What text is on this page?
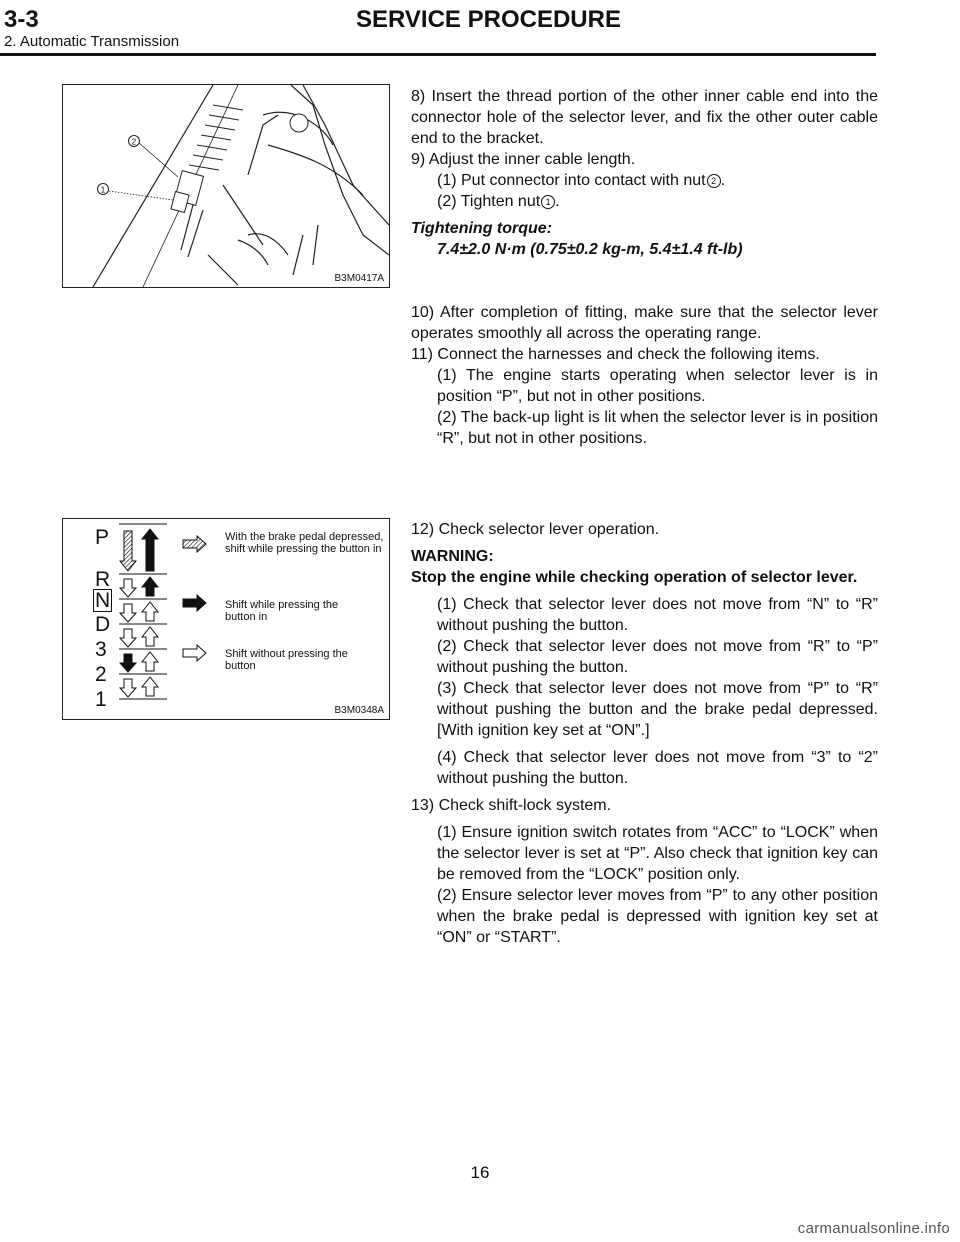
3-3	SERVICE PROCEDURE
2. Automatic Transmission
2
1
B3M0417A
P
R
N
D
3
2
1
With the brake pedal depressed, shift while pressing the button in
Shift while pressing the button in
Shift without pressing the button
B3M0348A

8) Insert the thread portion of the other inner cable end into the connector hole of the selector lever, and fix the other outer cable end to the bracket.

9) Adjust the inner cable length.

(1) Put connector into contact with nut 2 .

(2) Tighten nut 1 .

Tightening torque:

7.4±2.0 N·m (0.75±0.2 kg-m, 5.4±1.4 ft-lb)

10) After completion of fitting, make sure that the selector lever operates smoothly all across the operating range.

11) Connect the harnesses and check the following items.

(1) The engine starts operating when selector lever is in position “P”, but not in other positions.

(2) The back-up light is lit when the selector lever is in position “R”, but not in other positions.

12) Check selector lever operation.

WARNING:

Stop the engine while checking operation of selector lever.

(1) Check that selector lever does not move from “N” to “R” without pushing the button.

(2) Check that selector lever does not move from “R” to “P” without pushing the button.

(3) Check that selector lever does not move from “P” to “R” without pushing the button and the brake pedal depressed. [With ignition key set at “ON”.]

(4) Check that selector lever does not move from “3” to “2” without pushing the button.

13) Check shift-lock system.

(1) Ensure ignition switch rotates from “ACC” to “LOCK” when the selector lever is set at “P”. Also check that ignition key can be removed from the “LOCK” position only.

(2) Ensure selector lever moves from “P” to any other position when the brake pedal is depressed with ignition key set at “ON” or “START”.

16
carmanualsonline.info
